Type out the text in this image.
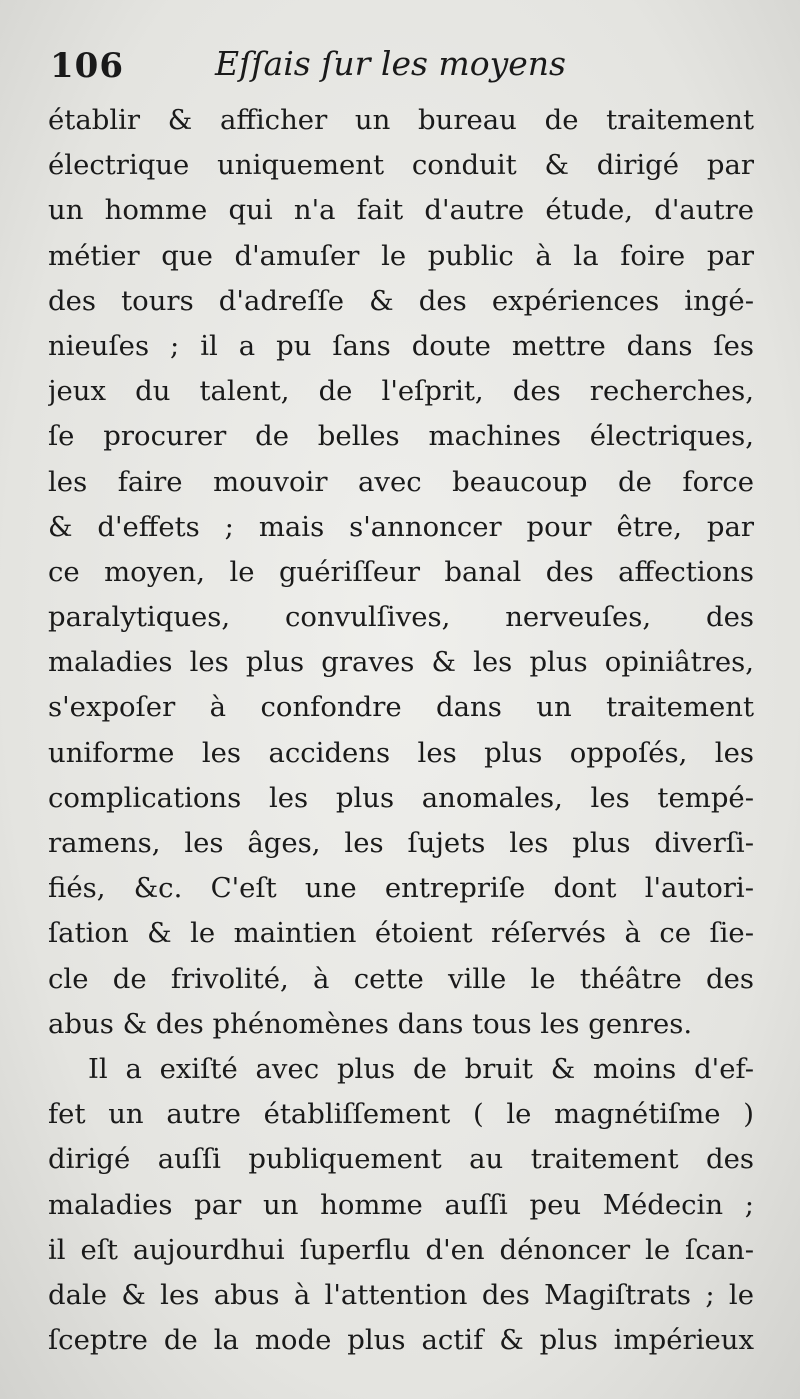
106	Eſſais ſur les moyens
établir & afficher un bureau de traitement
électrique uniquement conduit & dirigé par
un homme qui n'a fait d'autre étude, d'autre
métier que d'amuſer le public à la foire par
des tours d'adreſſe & des expériences ingé-
nieuſes ; il a pu ſans doute mettre dans ſes
jeux du talent, de l'eſprit, des recherches,
ſe procurer de belles machines électriques,
les faire mouvoir avec beaucoup de force
& d'effets ; mais s'annoncer pour être, par
ce moyen, le guériſſeur banal des affections
paralytiques, convulſives, nerveuſes, des
maladies les plus graves & les plus opiniâtres,
s'expoſer à confondre dans un traitement
uniforme les accidens les plus oppoſés, les
complications les plus anomales, les tempé-
ramens, les âges, les ſujets les plus diverſi-
fiés, &c. C'eſt une entrepriſe dont l'autori-
ſation & le maintien étoient réſervés à ce ſie-
cle de frivolité, à cette ville le théâtre des
abus & des phénomènes dans tous les genres.
Il a exiſté avec plus de bruit & moins d'ef-
fet un autre établiſſement ( le magnétiſme )
dirigé auſſi publiquement au traitement des
maladies par un homme auſſi peu Médecin ;
il eſt aujourdhui ſuperflu d'en dénoncer le ſcan-
dale & les abus à l'attention des Magiſtrats ; le
ſceptre de la mode plus actif & plus impérieux
